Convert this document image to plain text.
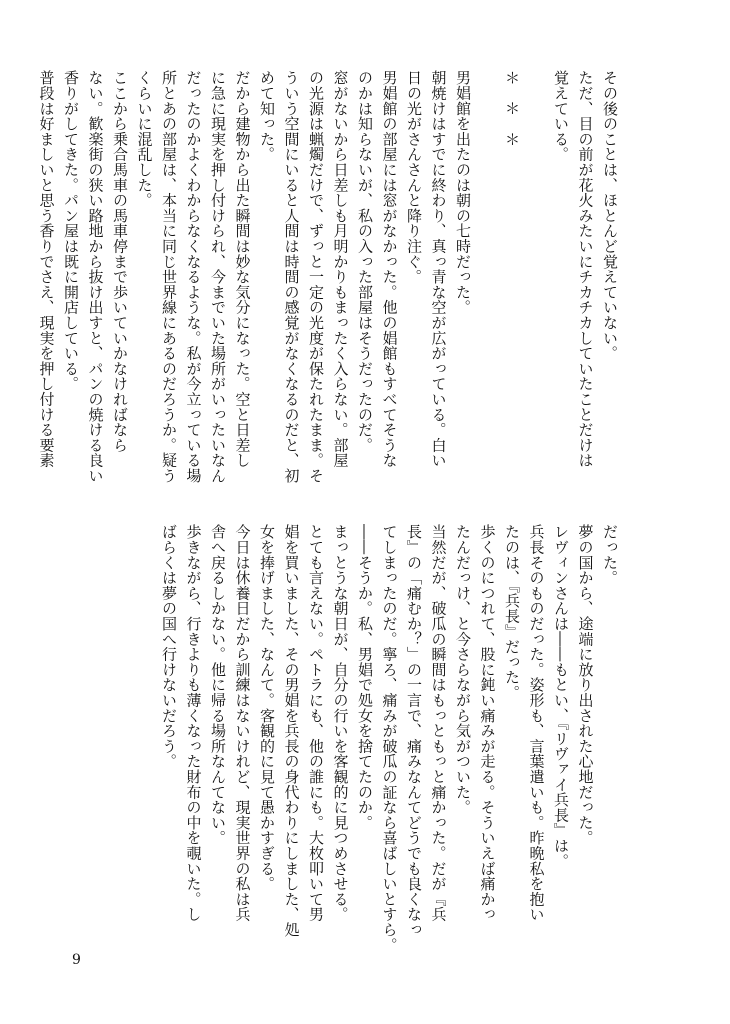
その後のことは、ほとんど覚えていない。

ただ、目の前が花火みたいにチカチカしていたことだけは

覚えている。

＊　＊　＊

男娼館を出たのは朝の七時だった。

朝焼けはすでに終わり、真っ青な空が広がっている。白い

日の光がさんさんと降り注ぐ。

男娼館の部屋には窓がなかった。他の娼館もすべてそうな

のかは知らないが、私の入った部屋はそうだったのだ。

窓がないから日差しも月明かりもまったく入らない。部屋

の光源は蝋燭だけで、ずっと一定の光度が保たれたまま。そ

ういう空間にいると人間は時間の感覚がなくなるのだと、初

めて知った。

だから建物から出た瞬間は妙な気分になった。空と日差し

に急に現実を押し付けられ、今までいた場所がいったいなん

だったのかよくわからなくなるような。私が今立っている場

所とあの部屋は、本当に同じ世界線にあるのだろうか。疑う

くらいに混乱した。

ここから乗合馬車の馬車停まで歩いていかなければなら

ない。歓楽街の狭い路地から抜け出すと、パンの焼ける良い

香りがしてきた。パン屋は既に開店している。

普段は好ましいと思う香りでさえ、現実を押し付ける要素

だった。

夢の国から、途端に放り出された心地だった。

レヴィンさんは――もとい、『リヴァイ兵長』は。

兵長そのものだった。姿形も、言葉遣いも。昨晩私を抱い

たのは、『兵長』だった。

歩くのにつれて、股に鈍い痛みが走る。そういえば痛かっ

たんだっけ、と今さらながら気がついた。

当然だが、破瓜の瞬間はもっともっと痛かった。だが『兵

長』の「痛むか？」の一言で、痛みなんてどうでも良くなっ

てしまったのだ。寧ろ、痛みが破瓜の証なら喜ばしいとすら。

――そうか。私、男娼で処女を捨てたのか。

まっとうな朝日が、自分の行いを客観的に見つめさせる。

とても言えない。ペトラにも、他の誰にも。大枚叩いて男

娼を買いました、その男娼を兵長の身代わりにしました、処

女を捧げました、なんて。客観的に見て愚かすぎる。

今日は休養日だから訓練はないけれど、現実世界の私は兵

舎へ戻るしかない。他に帰る場所なんてない。

歩きながら、行きよりも薄くなった財布の中を覗いた。し

ばらくは夢の国へ行けないだろう。

9
